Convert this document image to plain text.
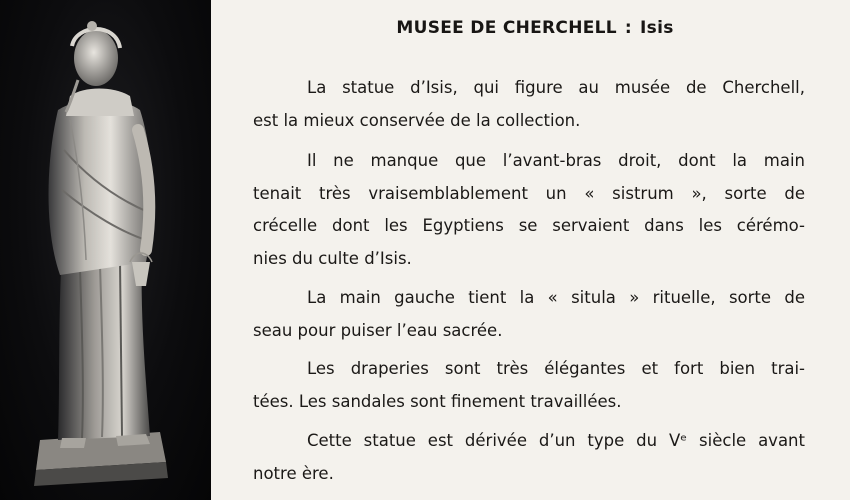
MUSEE DE CHERCHELL : Isis

La statue d’Isis, qui figure au musée de Cherchell,
est la mieux conservée de la collection.

Il ne manque que l’avant-bras droit, dont la main
tenait très vraisemblablement un « sistrum », sorte de
crécelle dont les Egyptiens se servaient dans les cérémo-
nies du culte d’Isis.

La main gauche tient la « situla » rituelle, sorte de
seau pour puiser l’eau sacrée.

Les draperies sont très élégantes et fort bien trai-
tées. Les sandales sont finement travaillées.

Cette statue est dérivée d’un type du Vᵉ siècle avant
notre ère.
